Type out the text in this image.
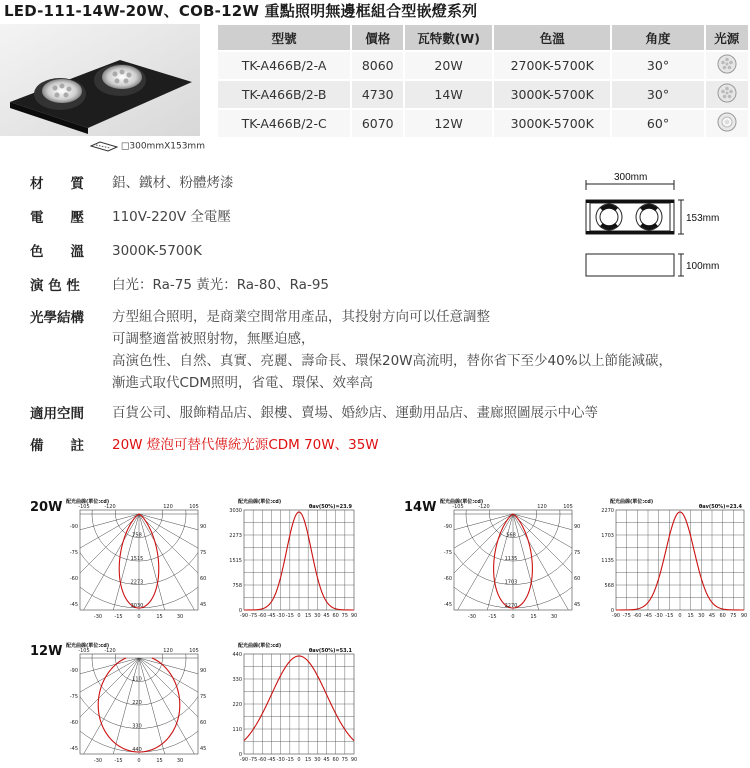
LED-111-14W-20W、COB-12W 重點照明無邊框組合型嵌燈系列
□300mmX153mm
型號	價格	瓦特數(W)	色溫	角度	光源
TK-A466B/2-A	8060	20W	2700K-5700K	30°	
TK-A466B/2-B	4730	14W	3000K-5700K	30°	
TK-A466B/2-C	6070	12W	3000K-5700K	60°	
材　　質 鋁、鐵材、粉體烤漆
電　　壓 110V-220V 全電壓
色　　溫 3000K-5700K
演 色 性 白光：Ra-75 黃光：Ra-80、Ra-95
光學結構 方型組合照明，是商業空間常用產品，其投射方向可以任意調整
可調整適當被照射物，無壓迫感，
高演色性、自然、真實、亮麗、壽命長、環保20W高流明，替你省下至少40%以上節能減碳，
漸進式取代CDM照明，省電、環保、效率高
適用空間 百貨公司、服飾精品店、銀樓、賣場、婚紗店、運動用品店、畫廊照圖展示中心等
備　　註 20W 燈泡可替代傳統光源CDM 70W、35W
300mm
153mm
100mm
20W	14W
12W
配光曲線(單位:cd)
758
1515
2273
3030
-105	-120	120	105
-90
-75
-60
-45
90
75
60
45
-30 -15	0	15	30
配光曲線(單位:cd)
θav(50%)=23.9
0
758
1515
2273
3030
-90 -75 -60 -45 -30 -15 0 15 30 45 60 75 90
配光曲線(單位:cd)
568
1135
1703
2270
-105	-120	120	105
-90
-75
-60
-45
90
75
60
45
-30 -15	0	15	30
配光曲線(單位:cd)
θav(50%)=23.4
0
568
1135
1703
2270
-90 -75 -60 -45 -30 -15 0 15 30 45 60 75 90
配光曲線(單位:cd)
110
220
330
440
-105	-120	120	105
-90
-75
-60
-45
90
75
60
45
-30 -15	0	15	30
配光曲線(單位:cd)
θav(50%)=53.1
0
110
220
330
440
-90 -75 -60 -45 -30 -15 0 15 30 45 60 75 90
